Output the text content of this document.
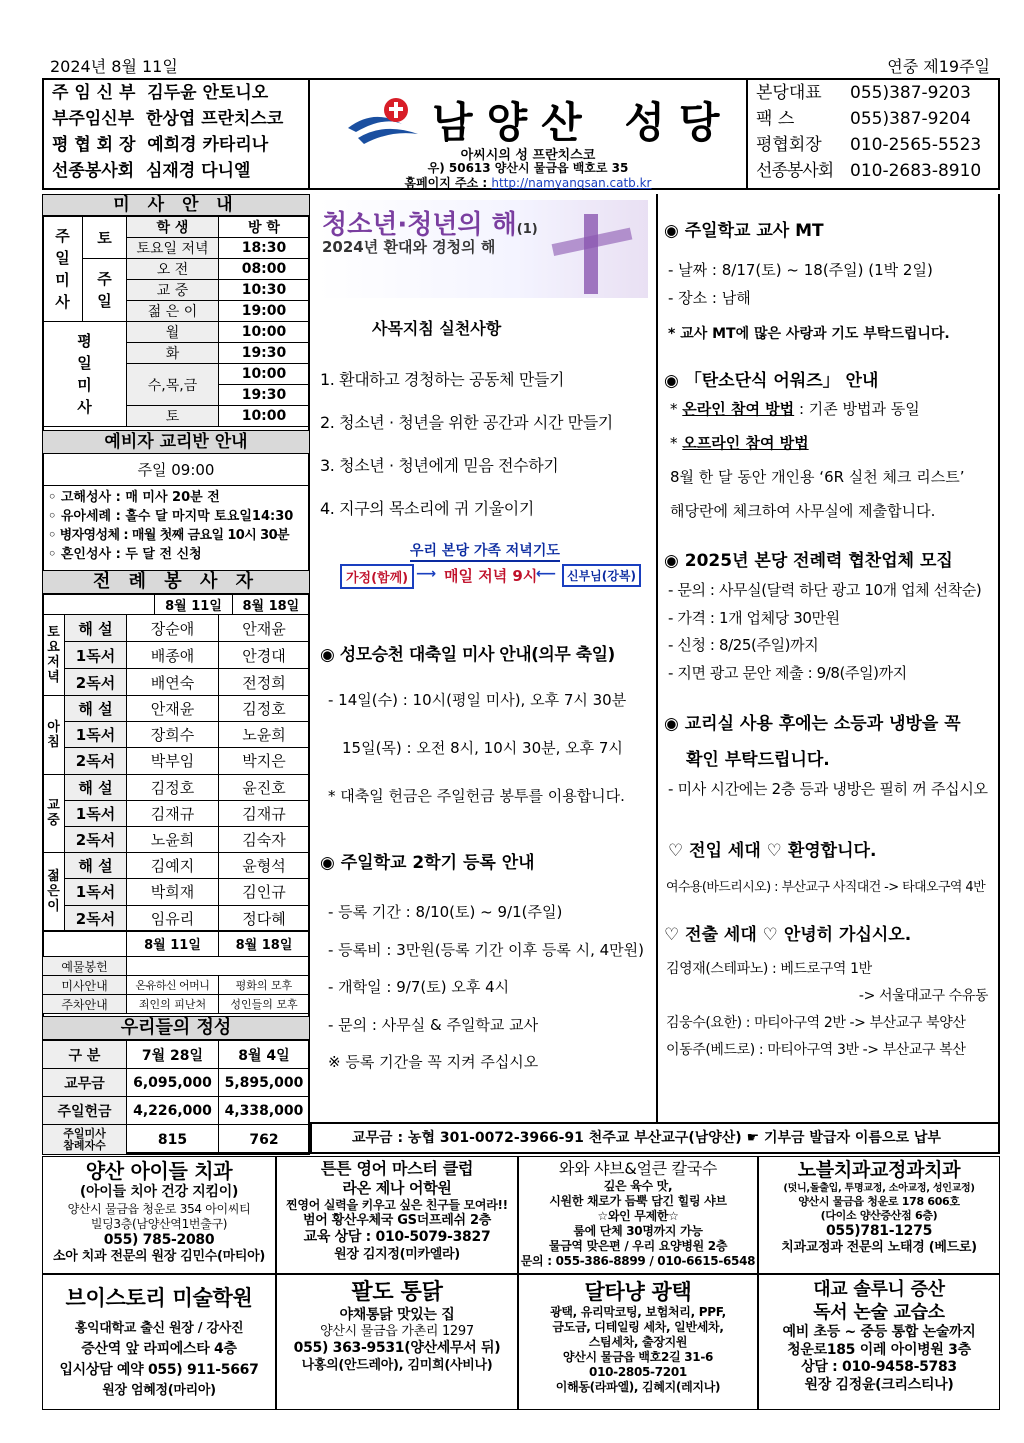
2024년 8월 11일	연중 제19주일
주 임 신 부 김두윤 안토니오
부주임신부 한상엽 프란치스코
평 협 회 장 예희경 카타리나
선종봉사회 심재경 다니엘
남양산 성당
아씨시의 성 프란치스코
우) 50613 양산시 물금읍 백호로 35
홈페이지 주소 : http://namyangsan.catb.kr
본당대표 055)387-9203
팩 스	055)387-9204
평협회장 010-2565-5523
선종봉사회 010-2683-8910
미 사 안 내
주 일 미 사	토	학 생	방 학
		토요일 저녁	18:30
	주 일	오 전	08:00
		교 중	10:30
		젊 은 이	19:00
평 일 미 사		월	10:00
		화	19:30
		수,목,금	10:00
			19:30
		토	10:00
예비자 교리반 안내
주일 09:00
◦ 고해성사 : 매 미사 20분 전
◦ 유아세례 : 홀수 달 마지막 토요일14:30
◦ 병자영성체 : 매월 첫째 금요일 10시 30분
◦ 혼인성사 : 두 달 전 신청
전 례 봉 사 자
	8월 11일	8월 18일
토요저녁	해 설	장순애	안재윤
	1독서	배종애	안경대
	2독서	배연숙	전정희
아침	해 설	안재윤	김정호
	1독서	장희수	노윤희
	2독서	박부임	박지은
교중	해 설	김정호	윤진호
	1독서	김재규	김재규
	2독서	노윤희	김숙자
젊은이	해 설	김예지	윤형석
	1독서	박희재	김인규
	2독서	임유리	정다혜
	8월 11일	8월 18일
예물봉헌		
미사안내	온유하신 어머니	평화의 모후
주차안내	죄인의 피난처	성인들의 모후
우리들의 정성
구 분	7월 28일	8월 4일
교무금	6,095,000	5,895,000
주일헌금	4,226,000	4,338,000
주일미사 참례자수	815	762
청소년·청년의 해(1)
2024년 환대와 경청의 해
사목지침 실천사항
1. 환대하고 경청하는 공동체 만들기
2. 청소년 · 청년을 위한 공간과 시간 만들기
3. 청소년 · 청년에게 믿음 전수하기
4. 지구의 목소리에 귀 기울이기
우리 본당 가족 저녁기도
가정(함께) ⟶ 매일 저녁 9시
⟵ 신부님(강복)
◉ 성모승천 대축일 미사 안내(의무 축일)

- 14일(수) : 10시(평일 미사), 오후 7시 30분

15일(목) : 오전 8시, 10시 30분, 오후 7시

* 대축일 헌금은 주일헌금 봉투를 이용합니다.

◉ 주일학교 2학기 등록 안내

- 등록 기간 : 8/10(토) ~ 9/1(주일)

- 등록비 : 3만원(등록 기간 이후 등록 시, 4만원)

- 개학일 : 9/7(토) 오후 4시

- 문의 : 사무실 & 주일학교 교사

※ 등록 기간을 꼭 지켜 주십시오

◉ 주일학교 교사 MT
- 날짜 : 8/17(토) ~ 18(주일) (1박 2일)
- 장소 : 남해
* 교사 MT에 많은 사랑과 기도 부탁드립니다.
◉ 「탄소단식 어워즈」 안내
* 온라인 참여 방법 : 기존 방법과 동일
* 오프라인 참여 방법
8월 한 달 동안 개인용 ‘6R 실천 체크 리스트’
해당란에 체크하여 사무실에 제출합니다.
◉ 2025년 본당 전례력 협찬업체 모집
- 문의 : 사무실(달력 하단 광고 10개 업체 선착순)
- 가격 : 1개 업체당 30만원
- 신청 : 8/25(주일)까지
- 지면 광고 문안 제출 : 9/8(주일)까지
◉ 교리실 사용 후에는 소등과 냉방을 꼭
확인 부탁드립니다.
- 미사 시간에는 2층 등과 냉방은 필히 꺼 주십시오
♡ 전입 세대 ♡ 환영합니다.
여수용(바드리시오) : 부산교구 사직대건 -> 타대오구역 4반
♡ 전출 세대 ♡ 안녕히 가십시오.
김영재(스테파노) : 베드로구역 1반
-> 서울대교구 수유동
김웅수(요한) : 마티아구역 2반 -> 부산교구 북양산
이동주(베드로) : 마티아구역 3반 -> 부산교구 복산
교무금 : 농협 301-0072-3966-91 천주교 부산교구(남양산) ☛ 기부금 발급자 이름으로 납부
양산 아이들 치과
(아이들 치아 건강 지킴이)
양산시 물금읍 청운로 354 아이씨티
빌딩3층(남양산역1번출구)
055) 785-2080
소아 치과 전문의 원장 김민수(마티아)
튼튼 영어 마스터 클럽
라온 제나 어학원
찐영어 실력을 키우고 싶은 친구들 모여라!!
범어 황산우체국 GS더프레쉬 2층
교육 상담 : 010-5079-3827
원장 김지정(미카엘라)
와와 샤브&얼큰 칼국수
깊은 육수 맛,
시원한 채로가 듬뿍 담긴 힐링 샤브
☆와인 무제한☆
룸에 단체 30명까지 가능
물금역 맞은편 / 우리 요양병원 2층
문의 : 055-386-8899 / 010-6615-6548
노블치과교정과치과
(덧니,돌출입, 투명교정, 소아교정, 성인교정)
양산시 물금읍 청운로 178 606호
(다이소 양산증산점 6층)
055)781-1275
치과교정과 전문의 노태경 (베드로)
브이스토리 미술학원
홍익대학교 출신 원장 / 강사진
증산역 앞 라피에스타 4층
입시상담 예약 055) 911-5667
원장 엄혜정(마리아)
팔도 통닭
야채통닭 맛있는 집
양산시 물금읍 가촌리 1297
055) 363-9531(양산세무서 뒤)
나홍의(안드레아), 김미희(사비나)
달타냥 광택
광택, 유리막코팅, 보험처리, PPF,
금도금, 디테일링 세차, 일반세차,
스팀세차, 출장지원
양산시 물금읍 백호2길 31-6
010-2805-7201
이해동(라파엘), 김혜지(레지나)
대교 솔루니 증산
독서 논술 교습소
예비 초등 ~ 중등 통합 논술까지
청운로185 이레 아이병원 3층
상담 : 010-9458-5783
원장 김정윤(크리스티나)
